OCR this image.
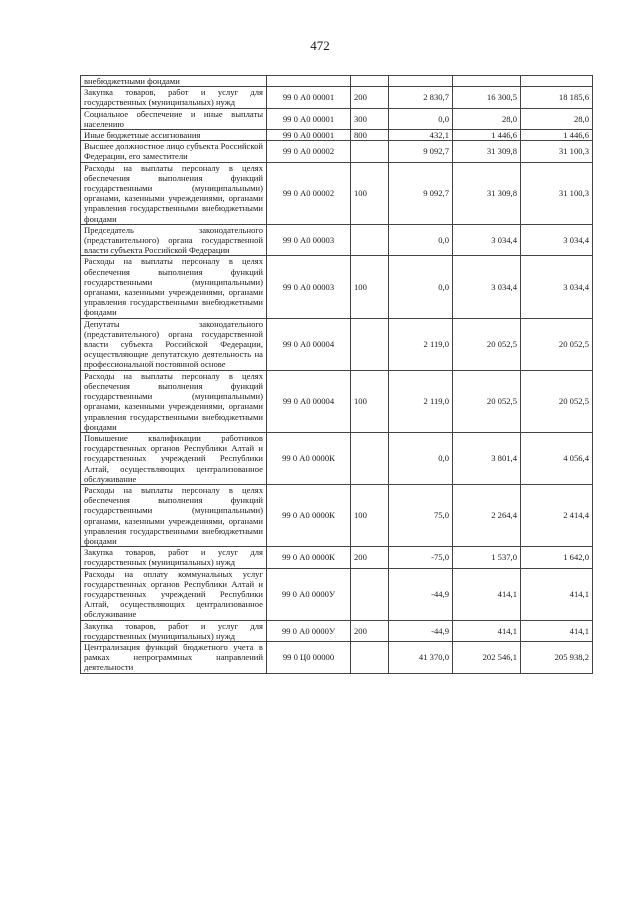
472
внебюджетными фондами					
Закупка товаров, работ и услуг для государственных (муниципальных) нужд	99 0 А0 00001	200	2 830,7	16 300,5	18 185,6
Социальное обеспечение и иные выплаты населению	99 0 А0 00001	300	0,0	28,0	28,0
Иные бюджетные ассигнования	99 0 А0 00001	800	432,1	1 446,6	1 446,6
Высшее должностное лицо субъекта Российской Федерации, его заместители	99 0 А0 00002		9 092,7	31 309,8	31 100,3
Расходы на выплаты персоналу в целях обеспечения выполнения функций государственными (муниципальными) органами, казенными учреждениями, органами управления государственными внебюджетными фондами	99 0 А0 00002	100	9 092,7	31 309,8	31 100,3
Председатель законодательного (представительного) органа государственной власти субъекта Российской Федерации	99 0 А0 00003		0,0	3 034,4	3 034,4
Расходы на выплаты персоналу в целях обеспечения выполнения функций государственными (муниципальными) органами, казенными учреждениями, органами управления государственными внебюджетными фондами	99 0 А0 00003	100	0,0	3 034,4	3 034,4
Депутаты законодательного (представительного) органа государственной власти субъекта Российской Федерации, осуществляющие депутатскую деятельность на профессиональной постоянной основе	99 0 А0 00004		2 119,0	20 052,5	20 052,5
Расходы на выплаты персоналу в целях обеспечения выполнения функций государственными (муниципальными) органами, казенными учреждениями, органами управления государственными внебюджетными фондами	99 0 А0 00004	100	2 119,0	20 052,5	20 052,5
Повышение квалификации работников государственных органов Республики Алтай и государственных учреждений Республики Алтай, осуществляющих централизованное обслуживание	99 0 А0 0000К		0,0	3 801,4	4 056,4
Расходы на выплаты персоналу в целях обеспечения выполнения функций государственными (муниципальными) органами, казенными учреждениями, органами управления государственными внебюджетными фондами	99 0 А0 0000К	100	75,0	2 264,4	2 414,4
Закупка товаров, работ и услуг для государственных (муниципальных) нужд	99 0 А0 0000К	200	-75,0	1 537,0	1 642,0
Расходы на оплату коммунальных услуг государственных органов Республики Алтай и государственных учреждений Республики Алтай, осуществляющих централизованное обслуживание	99 0 А0 0000У		-44,9	414,1	414,1
Закупка товаров, работ и услуг для государственных (муниципальных) нужд	99 0 А0 0000У	200	-44,9	414,1	414,1
Централизация функций бюджетного учета в рамках непрограммных направлений деятельности	99 0 Ц0 00000		41 370,0	202 546,1	205 938,2
